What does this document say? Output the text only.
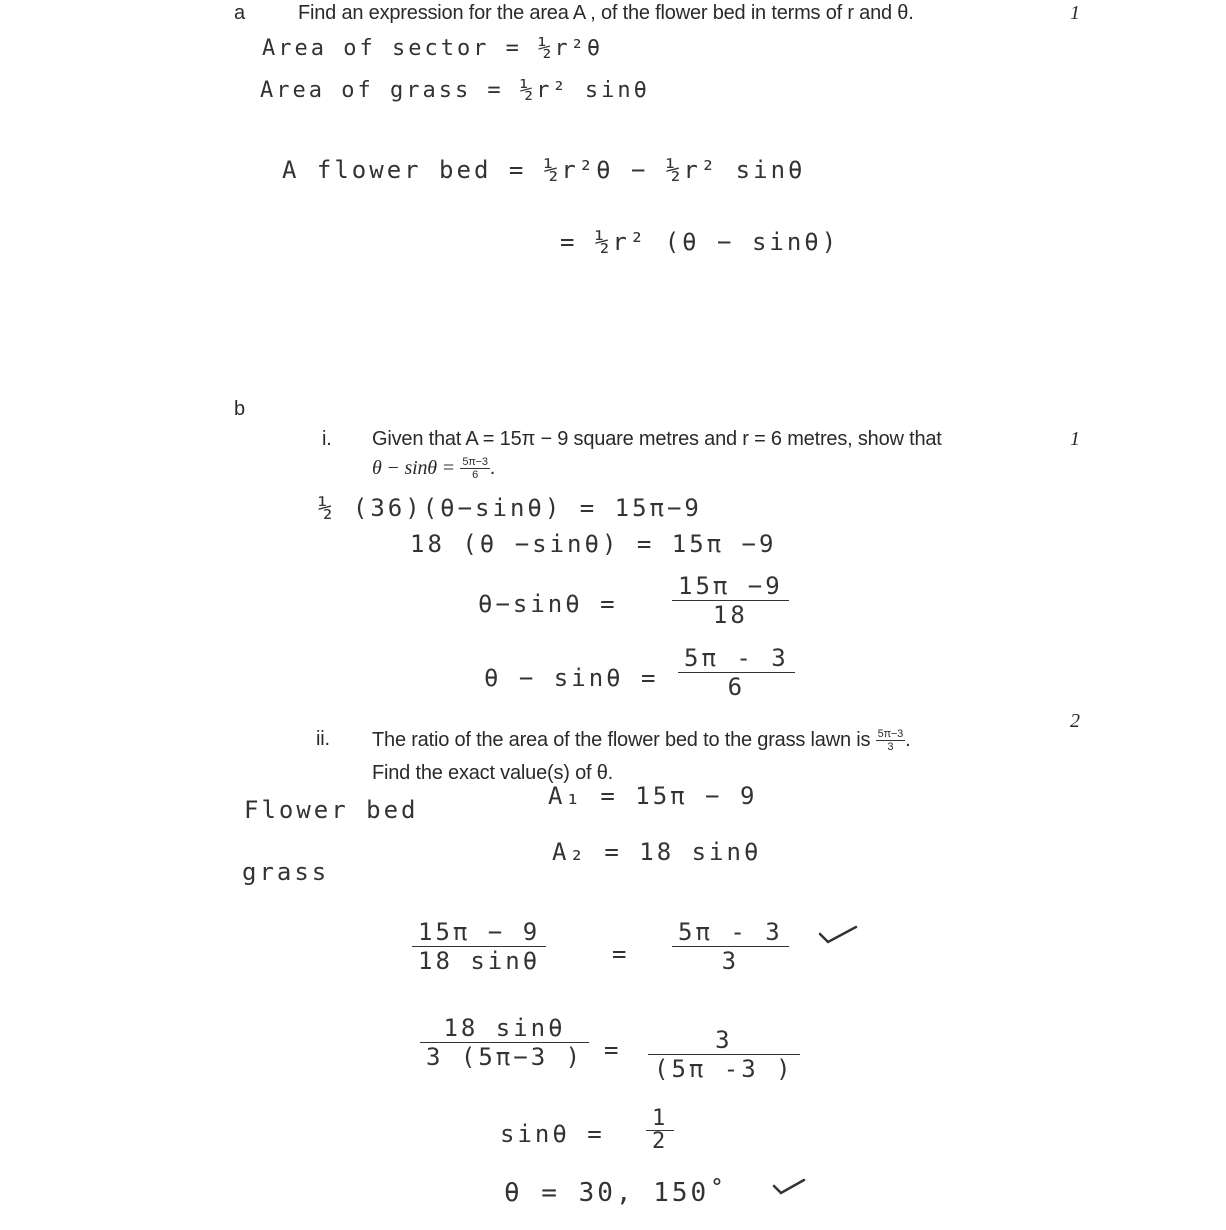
a	Find an expression for the area A , of the flower bed in terms of r and θ.	1
Area of sector = ½r²θ
Area of grass = ½r² sinθ
A flower bed = ½r²θ − ½r² sinθ
= ½r² (θ − sinθ)
b
i. Given that A = 15π − 9 square metres and r = 6 metres, show that	1
$\theta - \sin\theta = \frac{5\pi-3}{6}$ .
½ (36)(θ−sinθ) = 15π−9
18 (θ −sinθ) = 15π −9
$\theta-\sin\theta = \frac{15\pi -9}{18}$
$\theta - \sin\theta = \frac{5\pi - 3}{6}$
ii. The ratio of the area of the flower bed to the grass lawn is $\frac{5\pi-3}{3}$ .
2
Find the exact value(s) of θ.
Flower bed	A₁ = 15π − 9
grass
A₂ = 18 sinθ
$\frac{15\pi - 9}{18 \sin\theta}$	= $\frac{5\pi - 3}{3}$
$\frac{18 \sin\theta}{3 (5\pi-3 )} = \frac{3}{(5\pi -3 )}$
$\sin\theta = \frac{1}{2}$
θ = 30, 150˚
